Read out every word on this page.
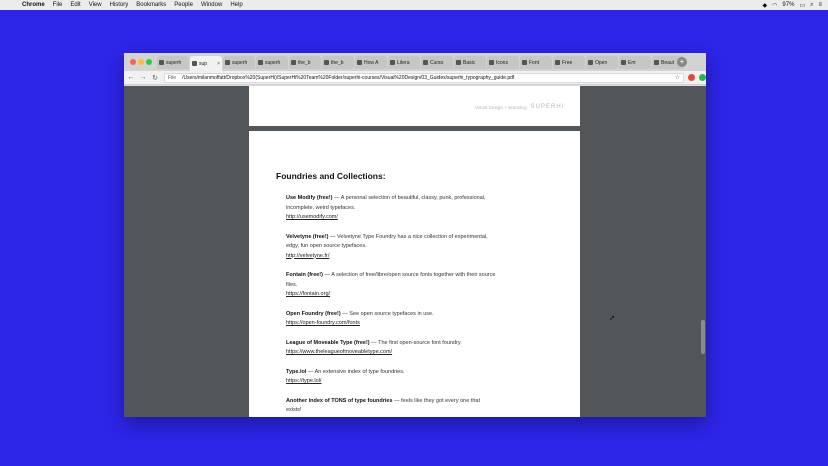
Chrome File Edit View History Bookmarks People Window Help	◆ ◠ 97% ▭ ⌕ ≡
superh	sup × superh	superh	the_b	the_b	How A	Litera	Curso	Basic	Icons	Font	Free	Open	Em	Beaut +
← → ↻	File /Users/milanmoffatt/Dropbox%20(SuperHi)/SuperHi%20Team%20Folder/superhi-courses/Visual%20Design/03_Guides/superhi_typography_guide.pdf	☆
Visual Design + Branding SUPERHi
Foundries and Collections:
Use Modify (free!) — A personal selection of beautiful, classy, punk, professional, incomplete, weird typefaces.
http://usemodify.com/
Velvetyne (free!) — Velvetyne Type Foundry has a nice collection of experimental, edgy, fun open source typefaces.
http://velvetyne.fr/
Fontain (free!) — A selection of free/libre/open source fonts together with their source files.
https://fontain.org/
Open Foundry (free!) — See open source typefaces in use.
https://open-foundry.com/fonts
League of Moveable Type (free!) — The first open-source font foundry.
https://www.theleagueofmoveabletype.com/
Type.lol — An extensive index of type foundries.
https://type.lol/
Another index of TONS of type foundries — feels like they got every one that exists!
➚
